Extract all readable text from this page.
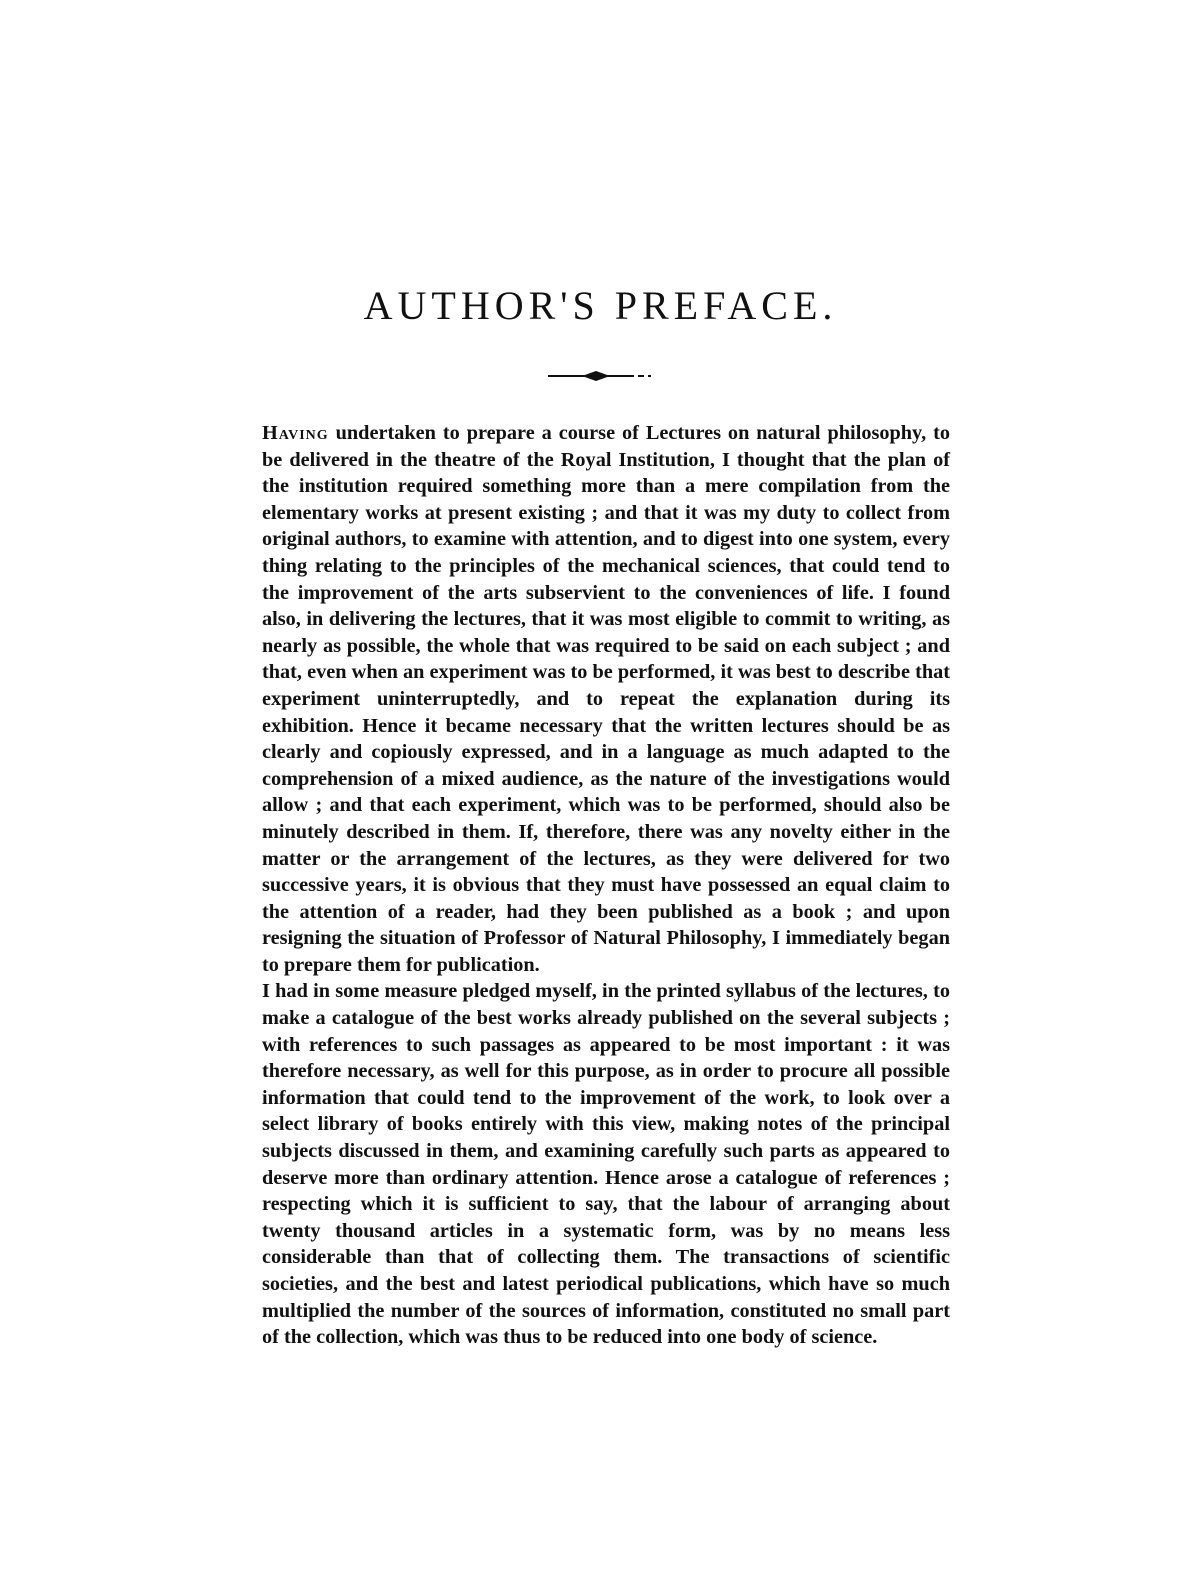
AUTHOR'S PREFACE.

Having undertaken to prepare a course of Lectures on natural philosophy, to be delivered in the theatre of the Royal Institution, I thought that the plan of the institution required something more than a mere compilation from the elementary works at present existing ; and that it was my duty to collect from original authors, to examine with attention, and to digest into one system, every thing relating to the principles of the mechanical sciences, that could tend to the improvement of the arts subservient to the conveniences of life. I found also, in delivering the lectures, that it was most eligible to commit to writing, as nearly as possible, the whole that was required to be said on each subject ; and that, even when an experiment was to be performed, it was best to describe that experiment uninterruptedly, and to repeat the explanation during its exhibition. Hence it became necessary that the written lectures should be as clearly and copiously expressed, and in a language as much adapted to the comprehension of a mixed audience, as the nature of the investigations would allow ; and that each experiment, which was to be performed, should also be minutely described in them. If, therefore, there was any novelty either in the matter or the arrangement of the lectures, as they were delivered for two successive years, it is obvious that they must have possessed an equal claim to the attention of a reader, had they been published as a book ; and upon resigning the situation of Professor of Natural Philosophy, I immediately began to prepare them for publication.

I had in some measure pledged myself, in the printed syllabus of the lectures, to make a catalogue of the best works already published on the several subjects ; with references to such passages as appeared to be most important : it was therefore necessary, as well for this purpose, as in order to procure all possible information that could tend to the improvement of the work, to look over a select library of books entirely with this view, making notes of the principal subjects discussed in them, and examining carefully such parts as appeared to deserve more than ordinary attention. Hence arose a catalogue of references ; respecting which it is sufficient to say, that the labour of arranging about twenty thousand articles in a systematic form, was by no means less considerable than that of collecting them. The transactions of scientific societies, and the best and latest periodical publications, which have so much multiplied the number of the sources of information, constituted no small part of the collection, which was thus to be reduced into one body of science.
